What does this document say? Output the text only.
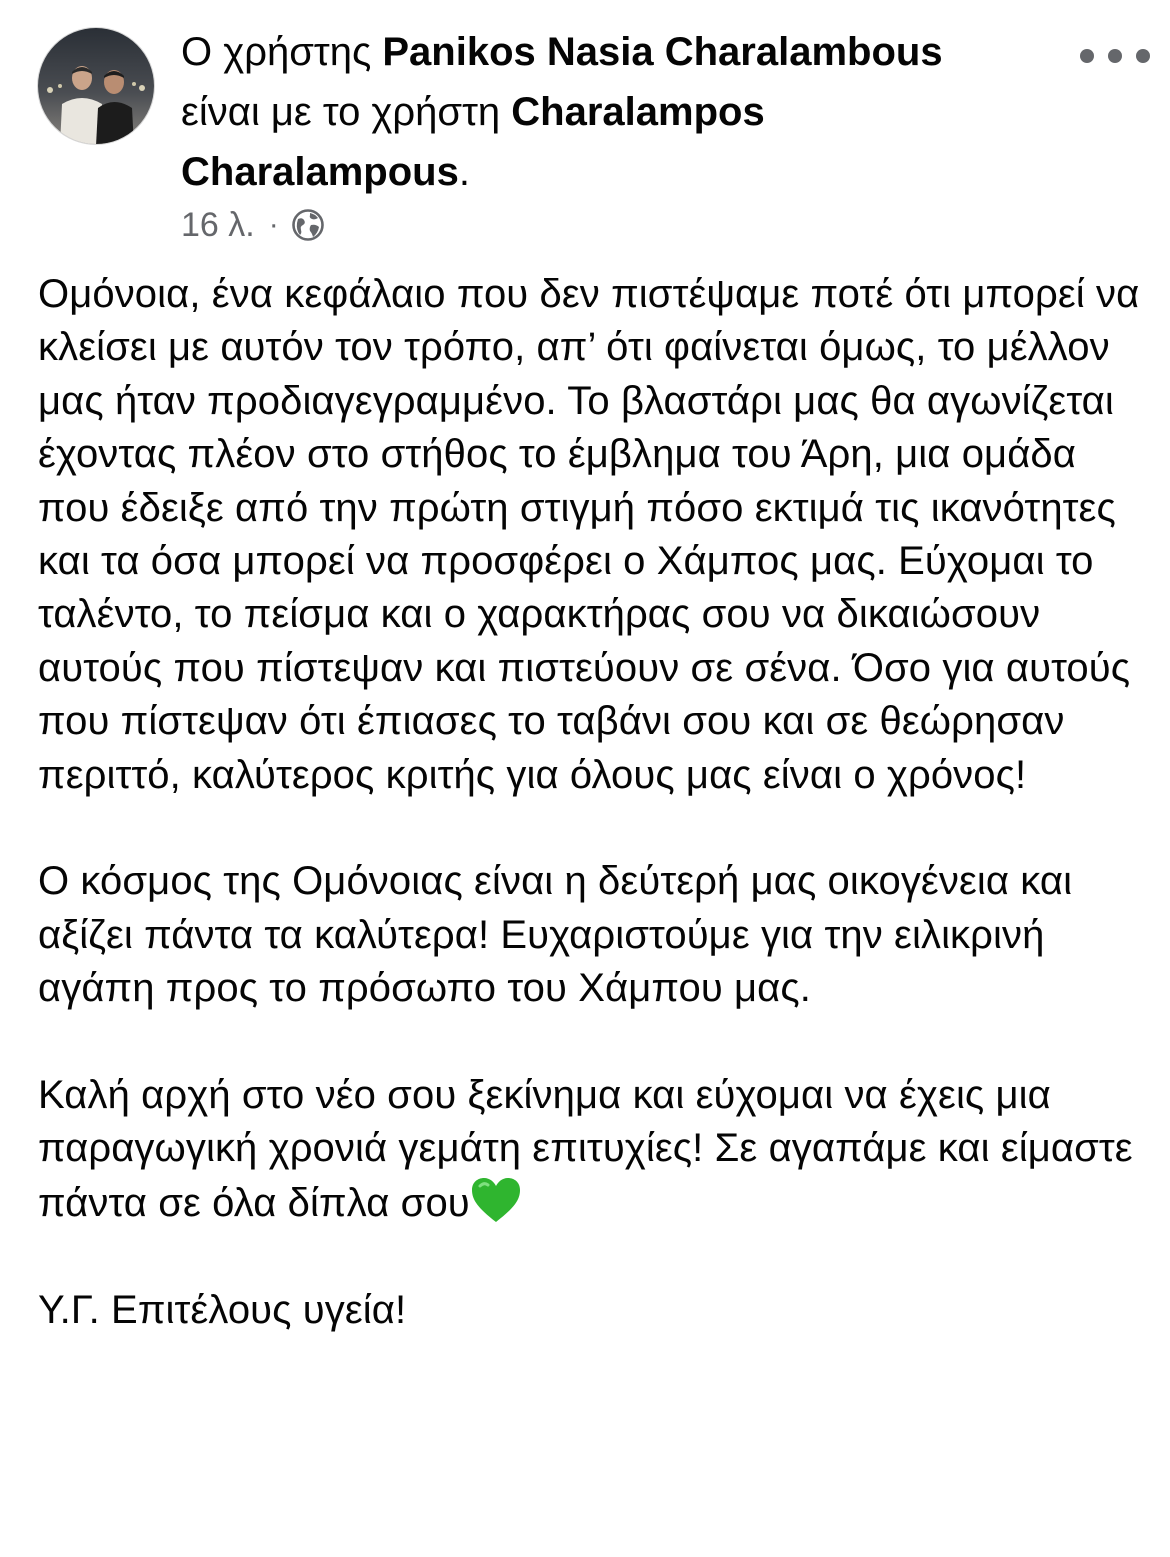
Ο χρήστης Panikos Nasia Charalambous
είναι με το χρήστη Charalampos Charalampous.
16 λ. ·

Ομόνοια, ένα κεφάλαιο που δεν πιστέψαμε ποτέ ότι μπορεί να κλείσει με αυτόν τον τρόπο, απ’ ότι φαίνεται όμως, το μέλλον μας ήταν προδιαγεγραμμένο. Το βλαστάρι μας θα αγωνίζεται έχοντας πλέον στο στήθος το έμβλημα του Άρη, μια ομάδα που έδειξε από την πρώτη στιγμή πόσο εκτιμά τις ικανότητες και τα όσα μπορεί να προσφέρει ο Χάμπος μας. Εύχομαι το ταλέντο, το πείσμα και ο χαρακτήρας σου να δικαιώσουν αυτούς που πίστεψαν και πιστεύουν σε σένα. Όσο για αυτούς που πίστεψαν ότι έπιασες το ταβάνι σου και σε θεώρησαν περιττό, καλύτερος κριτής για όλους μας είναι ο χρόνος!

Ο κόσμος της Ομόνοιας είναι η δεύτερή μας οικογένεια και αξίζει πάντα τα καλύτερα! Ευχαριστούμε για την ειλικρινή αγάπη προς το πρόσωπο του Χάμπου μας.

Καλή αρχή στο νέο σου ξεκίνημα και εύχομαι να έχεις μια παραγωγική χρονιά γεμάτη επιτυχίες! Σε αγαπάμε και είμαστε πάντα σε όλα δίπλα σου

Υ.Γ. Επιτέλους υγεία!
